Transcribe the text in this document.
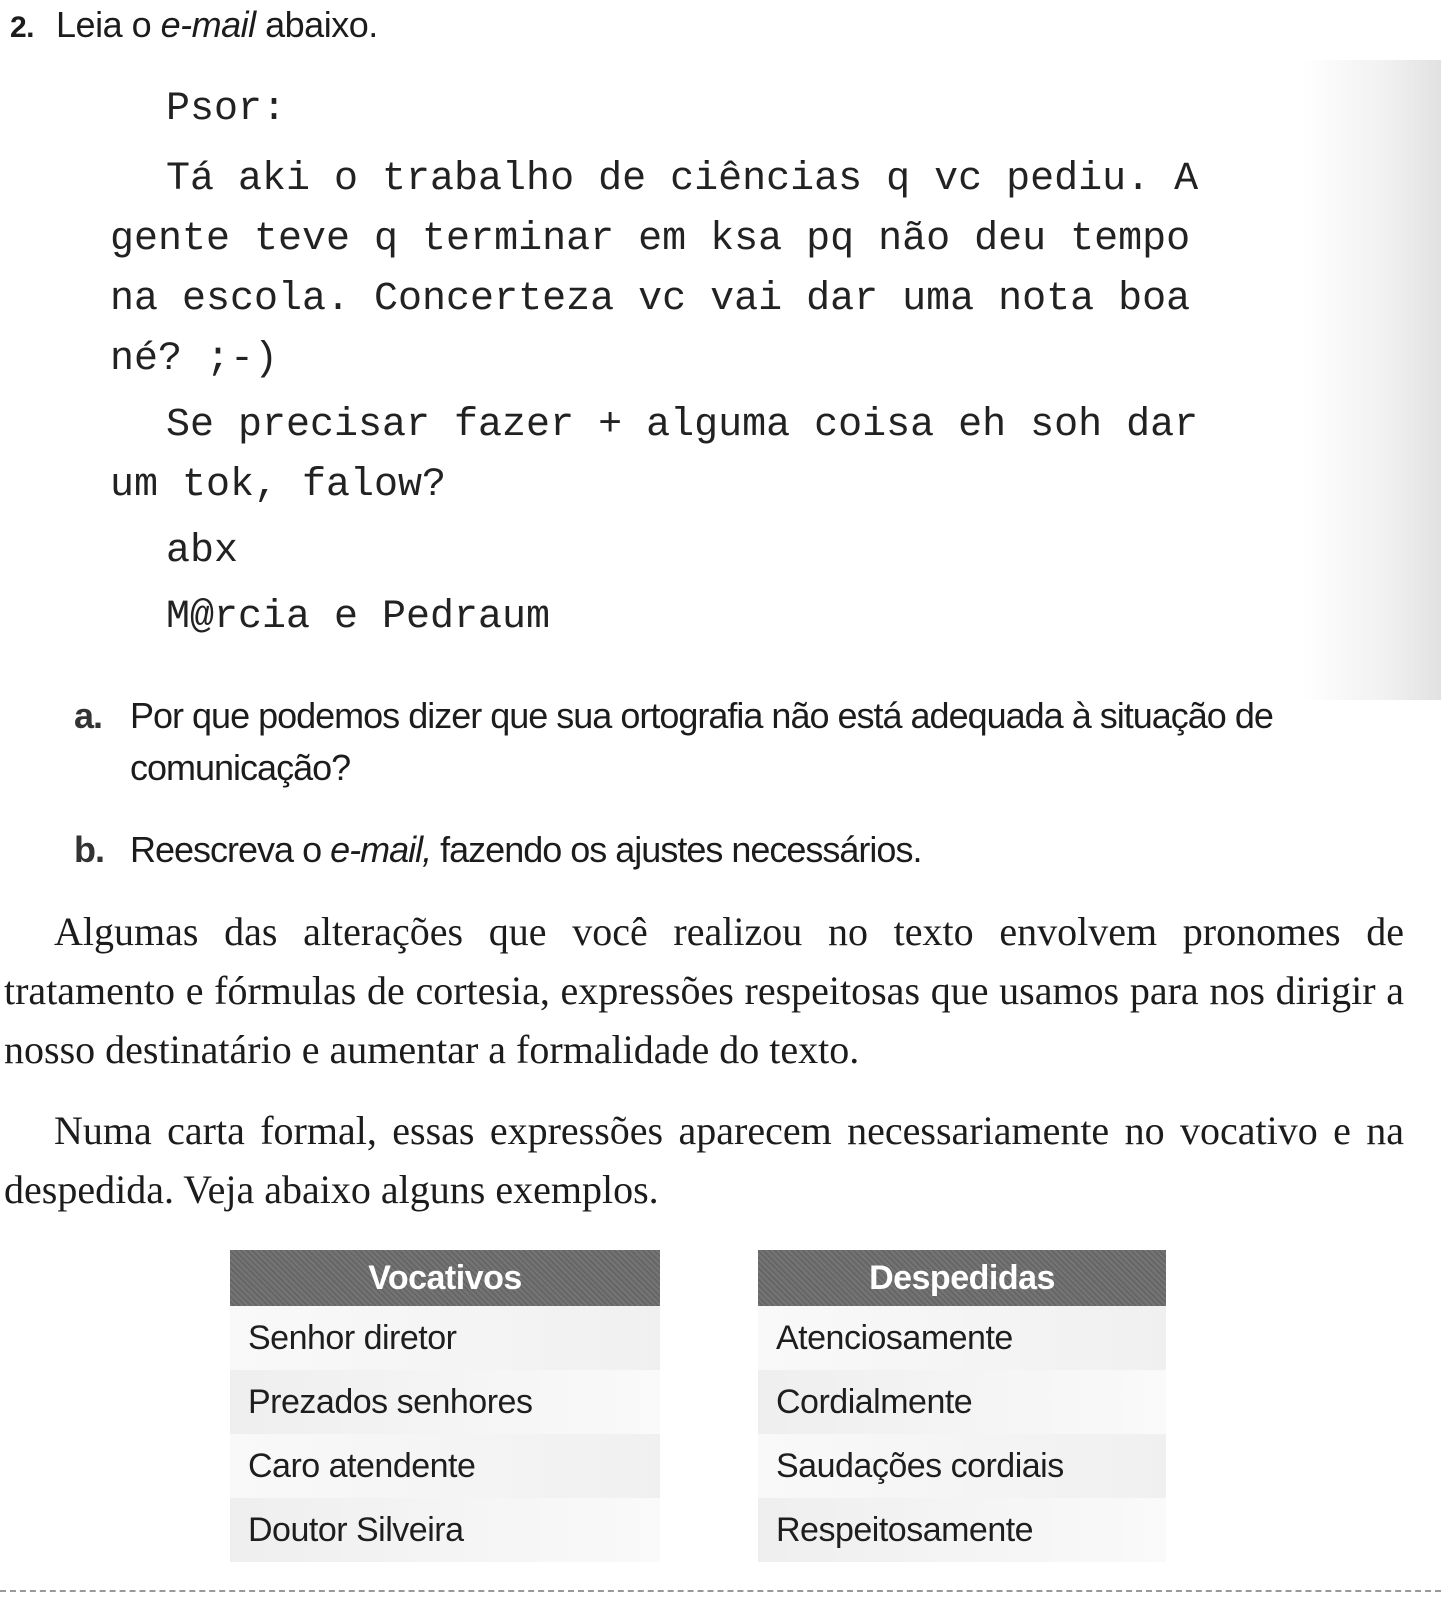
2. Leia o e-mail abaixo.

Psor:

Tá aki o trabalho de ciências q vc pediu. A

gente teve q terminar em ksa pq não deu tempo

na escola. Concerteza vc vai dar uma nota boa

né? ;-)

Se precisar fazer + alguma coisa eh soh dar

um tok, falow?

abx

M@rcia e Pedraum

a. Por que podemos dizer que sua ortografia não está adequada à situação de comunicação?
b. Reescreva o e-mail, fazendo os ajustes necessários.

Algumas das alterações que você realizou no texto envolvem pronomes de tratamento e fórmulas de cortesia, expressões respeitosas que usamos para nos dirigir a nosso destinatário e aumentar a formalidade do texto.

Numa carta formal, essas expressões aparecem necessariamente no vocativo e na despedida. Veja abaixo alguns exemplos.

Vocativos
Senhor diretor
Prezados senhores
Caro atendente
Doutor Silveira
Despedidas
Atenciosamente
Cordialmente
Saudações cordiais
Respeitosamente
